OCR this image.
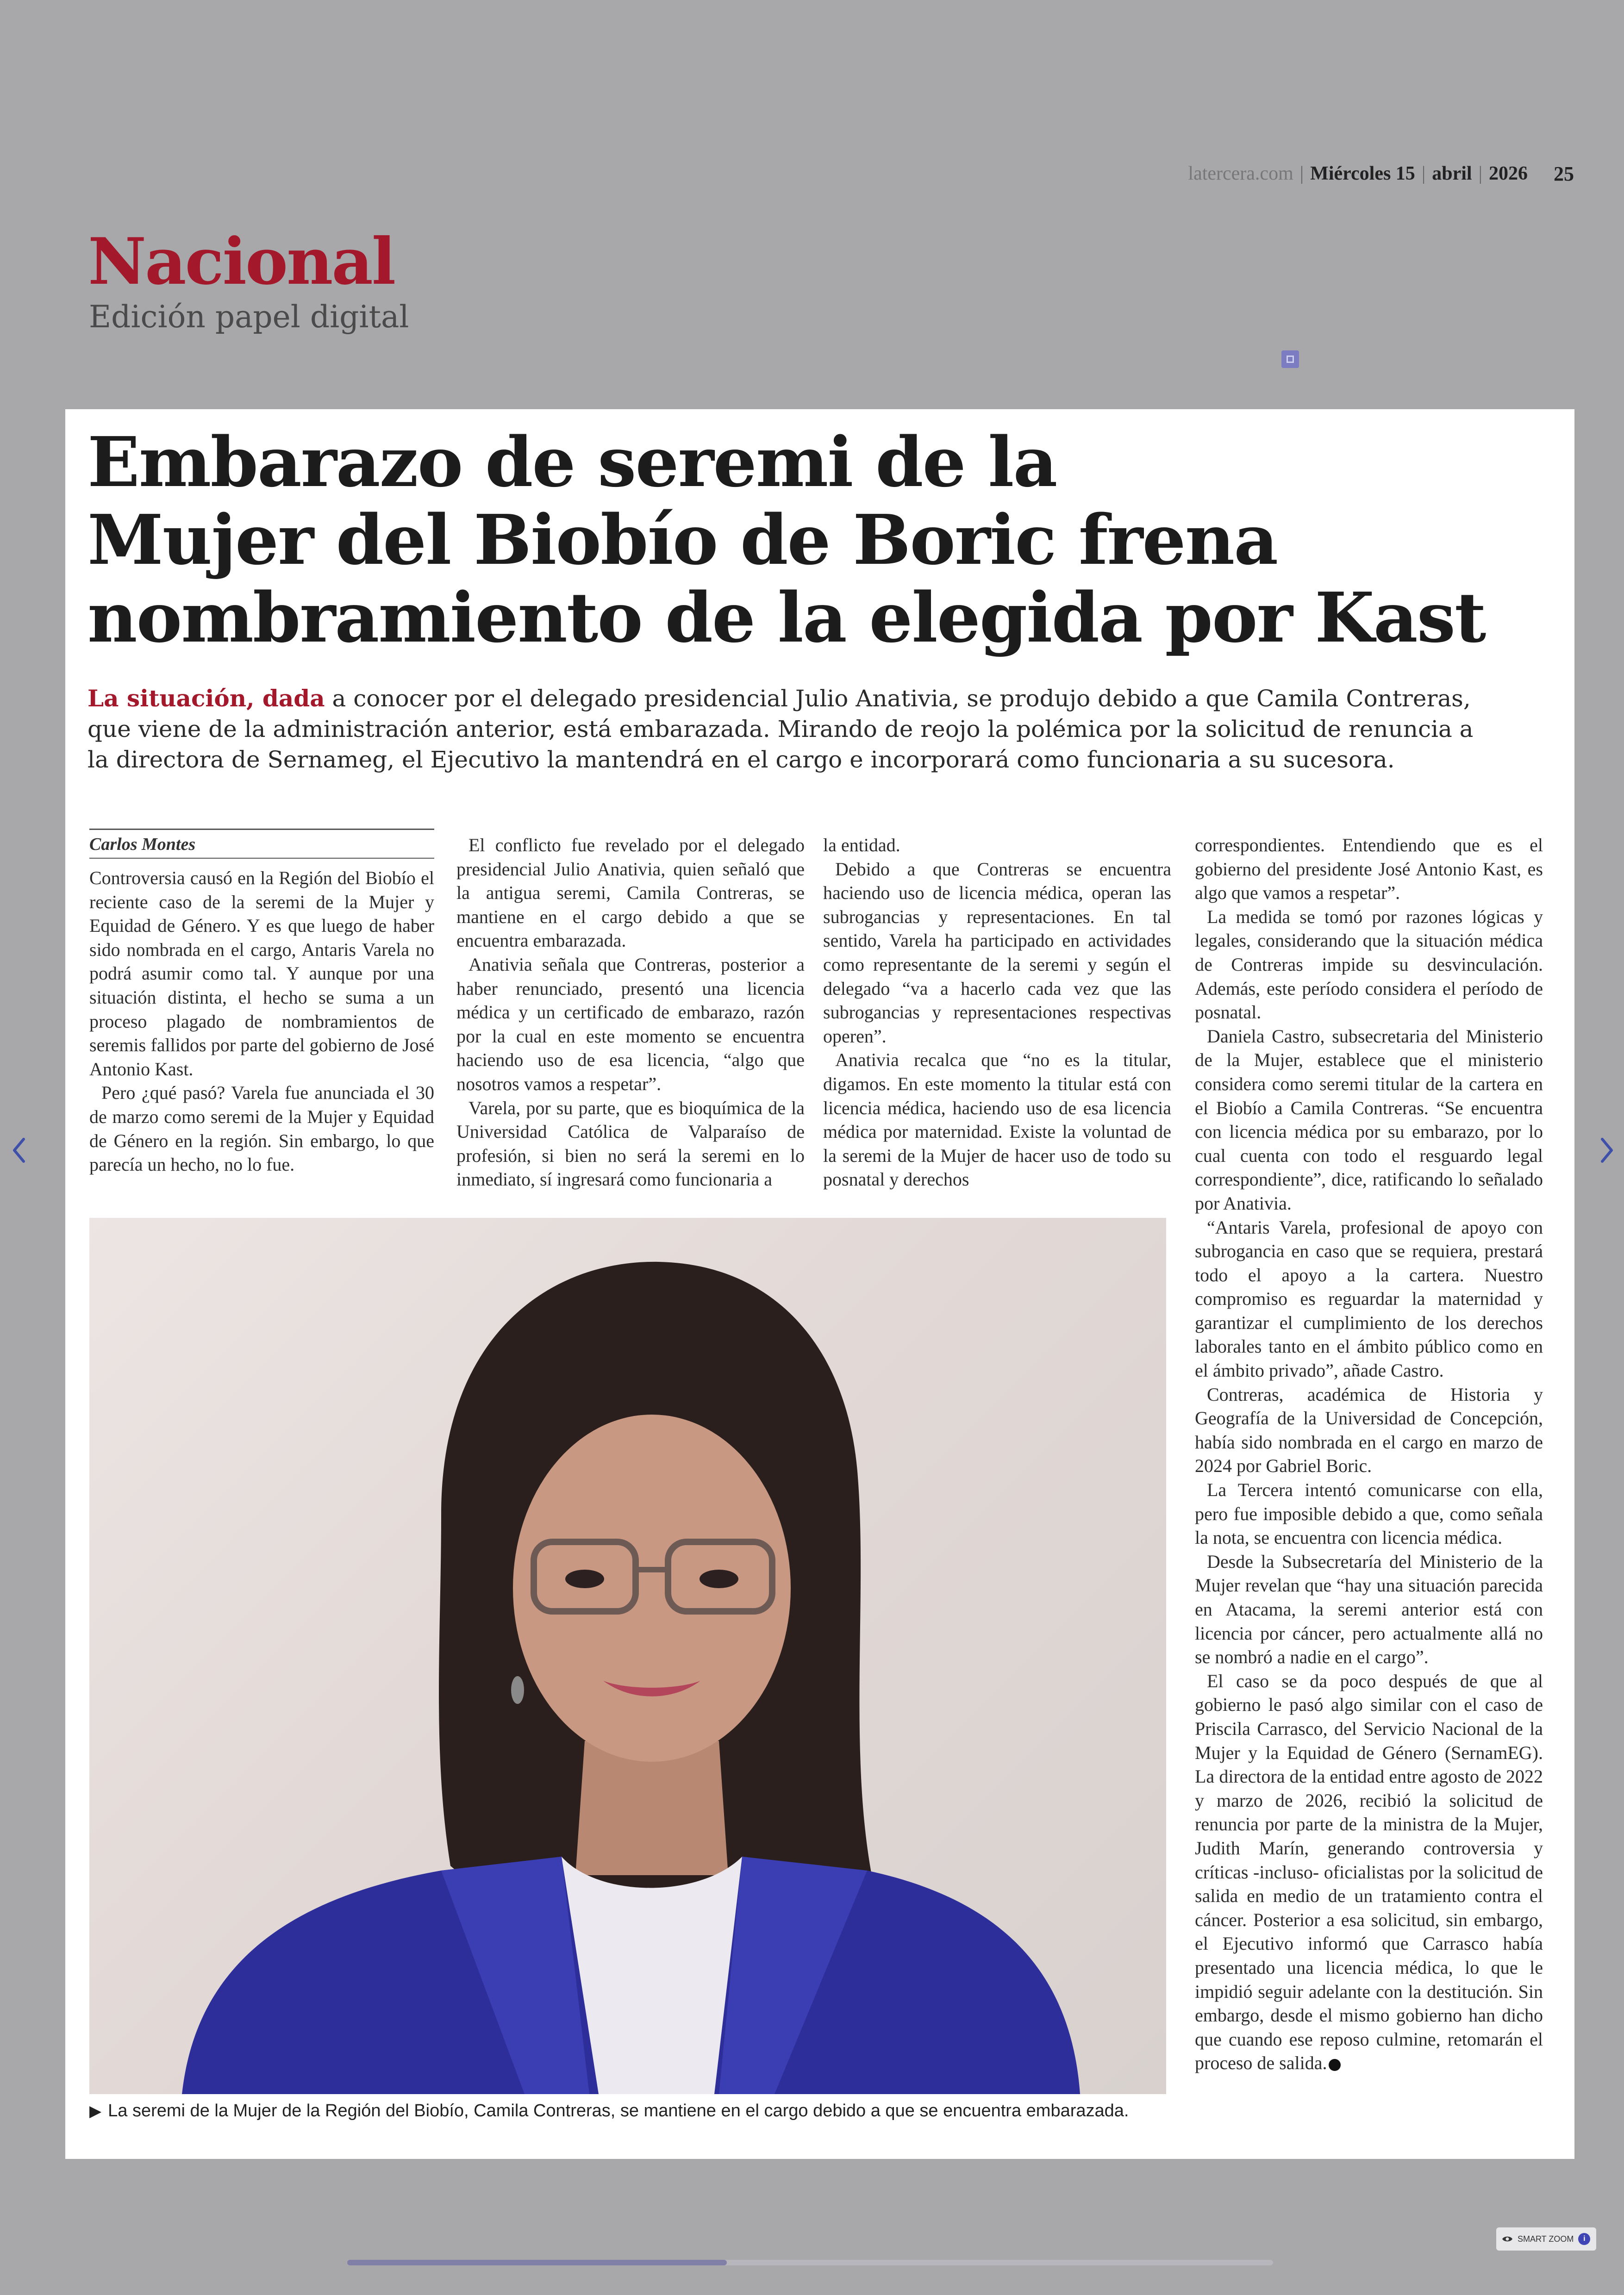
latercera.com | Miércoles 15 | abril | 2026 25
Nacional
Edición papel digital
Embarazo de seremi de la
Mujer del Biobío de Boric frena
nombramiento de la elegida por Kast

La situación, dada a conocer por el delegado presidencial Julio Anativia, se produjo debido a que Camila Contreras, que viene de la administración anterior, está embarazada. Mirando de reojo la polémica por la solicitud de renuncia a la directora de Sernameg, el Ejecutivo la mantendrá en el cargo e incorporará como funcionaria a su sucesora.

Carlos Montes

Controversia causó en la Región del Biobío el reciente caso de la seremi de la Mujer y Equidad de Género. Y es que luego de haber sido nombrada en el cargo, Antaris Varela no podrá asumir como tal. Y aunque por una situación distinta, el hecho se suma a un proceso plagado de nombramientos de seremis fallidos por parte del gobierno de José Antonio Kast.

Pero ¿qué pasó? Varela fue anunciada el 30 de marzo como seremi de la Mujer y Equidad de Género en la región. Sin embargo, lo que parecía un hecho, no lo fue.

El conflicto fue revelado por el delegado presidencial Julio Anativia, quien señaló que la antigua seremi, Camila Contreras, se mantiene en el cargo debido a que se encuentra embarazada.

Anativia señala que Contreras, posterior a haber renunciado, presentó una licencia médica y un certificado de embarazo, razón por la cual en este momento se encuentra haciendo uso de esa licencia, “algo que nosotros vamos a respetar”.

Varela, por su parte, que es bioquímica de la Universidad Católica de Valparaíso de profesión, si bien no será la seremi en lo inmediato, sí ingresará como funcionaria a

la entidad.

Debido a que Contreras se encuentra haciendo uso de licencia médica, operan las subrogancias y representaciones. En tal sentido, Varela ha participado en actividades como representante de la seremi y según el delegado “va a hacerlo cada vez que las subrogancias y representaciones respectivas operen”.

Anativia recalca que “no es la titular, digamos. En este momento la titular está con licencia médica, haciendo uso de esa licencia médica por maternidad. Existe la voluntad de la seremi de la Mujer de hacer uso de todo su posnatal y derechos

correspondientes. Entendiendo que es el gobierno del presidente José Antonio Kast, es algo que vamos a respetar”.

La medida se tomó por razones lógicas y legales, considerando que la situación médica de Contreras impide su desvinculación. Además, este período considera el período de posnatal.

Daniela Castro, subsecretaria del Ministerio de la Mujer, establece que el ministerio considera como seremi titular de la cartera en el Biobío a Camila Contreras. “Se encuentra con licencia médica por su embarazo, por lo cual cuenta con todo el resguardo legal correspondiente”, dice, ratificando lo señalado por Anativia.

“Antaris Varela, profesional de apoyo con subrogancia en caso que se requiera, prestará todo el apoyo a la cartera. Nuestro compromiso es reguardar la maternidad y garantizar el cumplimiento de los derechos laborales tanto en el ámbito público como en el ámbito privado”, añade Castro.

Contreras, académica de Historia y Geografía de la Universidad de Concepción, había sido nombrada en el cargo en marzo de 2024 por Gabriel Boric.

La Tercera intentó comunicarse con ella, pero fue imposible debido a que, como señala la nota, se encuentra con licencia médica.

Desde la Subsecretaría del Ministerio de la Mujer revelan que “hay una situación parecida en Atacama, la seremi anterior está con licencia por cáncer, pero actualmente allá no se nombró a nadie en el cargo”.

El caso se da poco después de que al gobierno le pasó algo similar con el caso de Priscila Carrasco, del Servicio Nacional de la Mujer y la Equidad de Género (SernamEG). La directora de la entidad entre agosto de 2022 y marzo de 2026, recibió la solicitud de renuncia por parte de la ministra de la Mujer, Judith Marín, generando controversia y críticas -incluso- oficialistas por la solicitud de salida en medio de un tratamiento contra el cáncer. Posterior a esa solicitud, sin embargo, el Ejecutivo informó que Carrasco había presentado una licencia médica, lo que le impidió seguir adelante con la destitución. Sin embargo, desde el mismo gobierno han dicho que cuando ese reposo culmine, retomarán el proceso de salida.

▶ La seremi de la Mujer de la Región del Biobío, Camila Contreras, se mantiene en el cargo debido a que se encuentra embarazada.
SMART ZOOM	i
